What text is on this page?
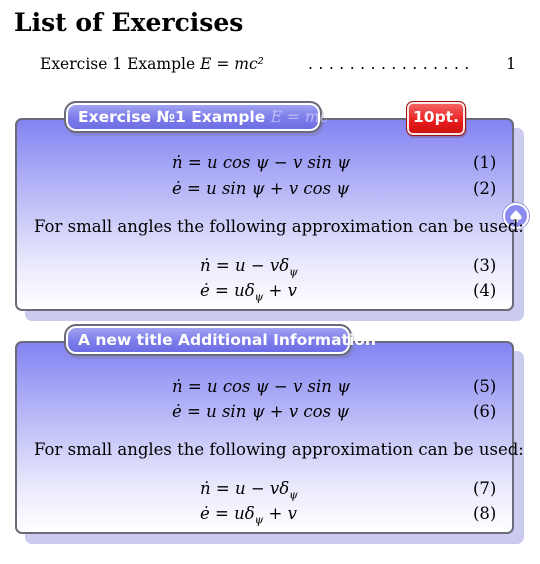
List of Exercises
Exercise 1 Example E = mc²	................ 1
Exercise №1 Example E = mc²	10pt.
ṅ = u cos ψ − v sin ψ	(1)
ė = u sin ψ + v cos ψ	(2)
For small angles the following approximation can be used:
ṅ = $u - v\delta_\psi$	(3)
ė = $u\delta_\psi + v$	(4)
A new title Additional Information
ṅ = u cos ψ − v sin ψ	(5)
ė = u sin ψ + v cos ψ	(6)
For small angles the following approximation can be used:
ṅ = $u - v\delta_\psi$	(7)
ė = $u\delta_\psi + v$	(8)
